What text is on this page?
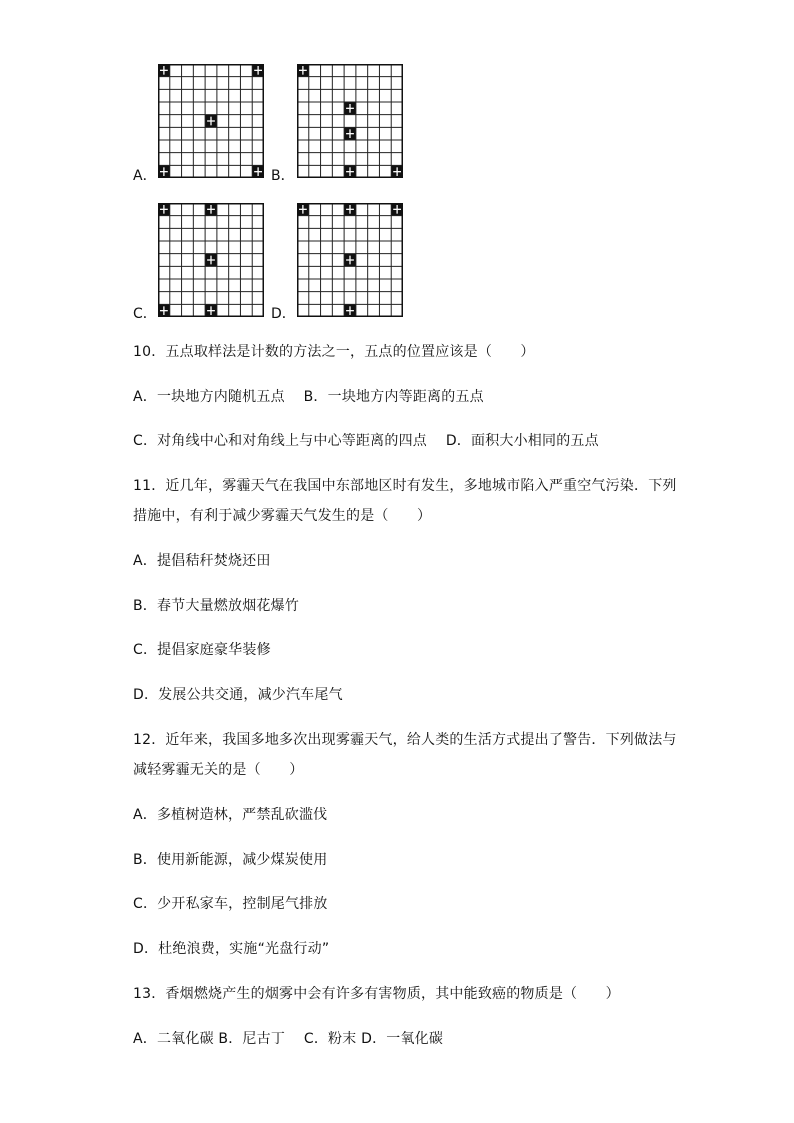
A．	B．
C．	D．
10．五点取样法是计数的方法之一，五点的位置应该是（　　）
A．一块地方内随机五点　 B．一块地方内等距离的五点
C．对角线中心和对角线上与中心等距离的四点　 D．面积大小相同的五点
11．近几年，雾霾天气在我国中东部地区时有发生，多地城市陷入严重空气污染．下列
措施中，有利于减少雾霾天气发生的是（　　）
A．提倡秸秆焚烧还田
B．春节大量燃放烟花爆竹
C．提倡家庭豪华装修
D．发展公共交通，减少汽车尾气
12．近年来，我国多地多次出现雾霾天气，给人类的生活方式提出了警告．下列做法与
减轻雾霾无关的是（　　）
A．多植树造林，严禁乱砍滥伐
B．使用新能源，减少煤炭使用
C．少开私家车，控制尾气排放
D．杜绝浪费，实施“光盘行动”
13．香烟燃烧产生的烟雾中会有许多有害物质，其中能致癌的物质是（　　）
A．二氧化碳 B．尼古丁　 C．粉末 D．一氧化碳
